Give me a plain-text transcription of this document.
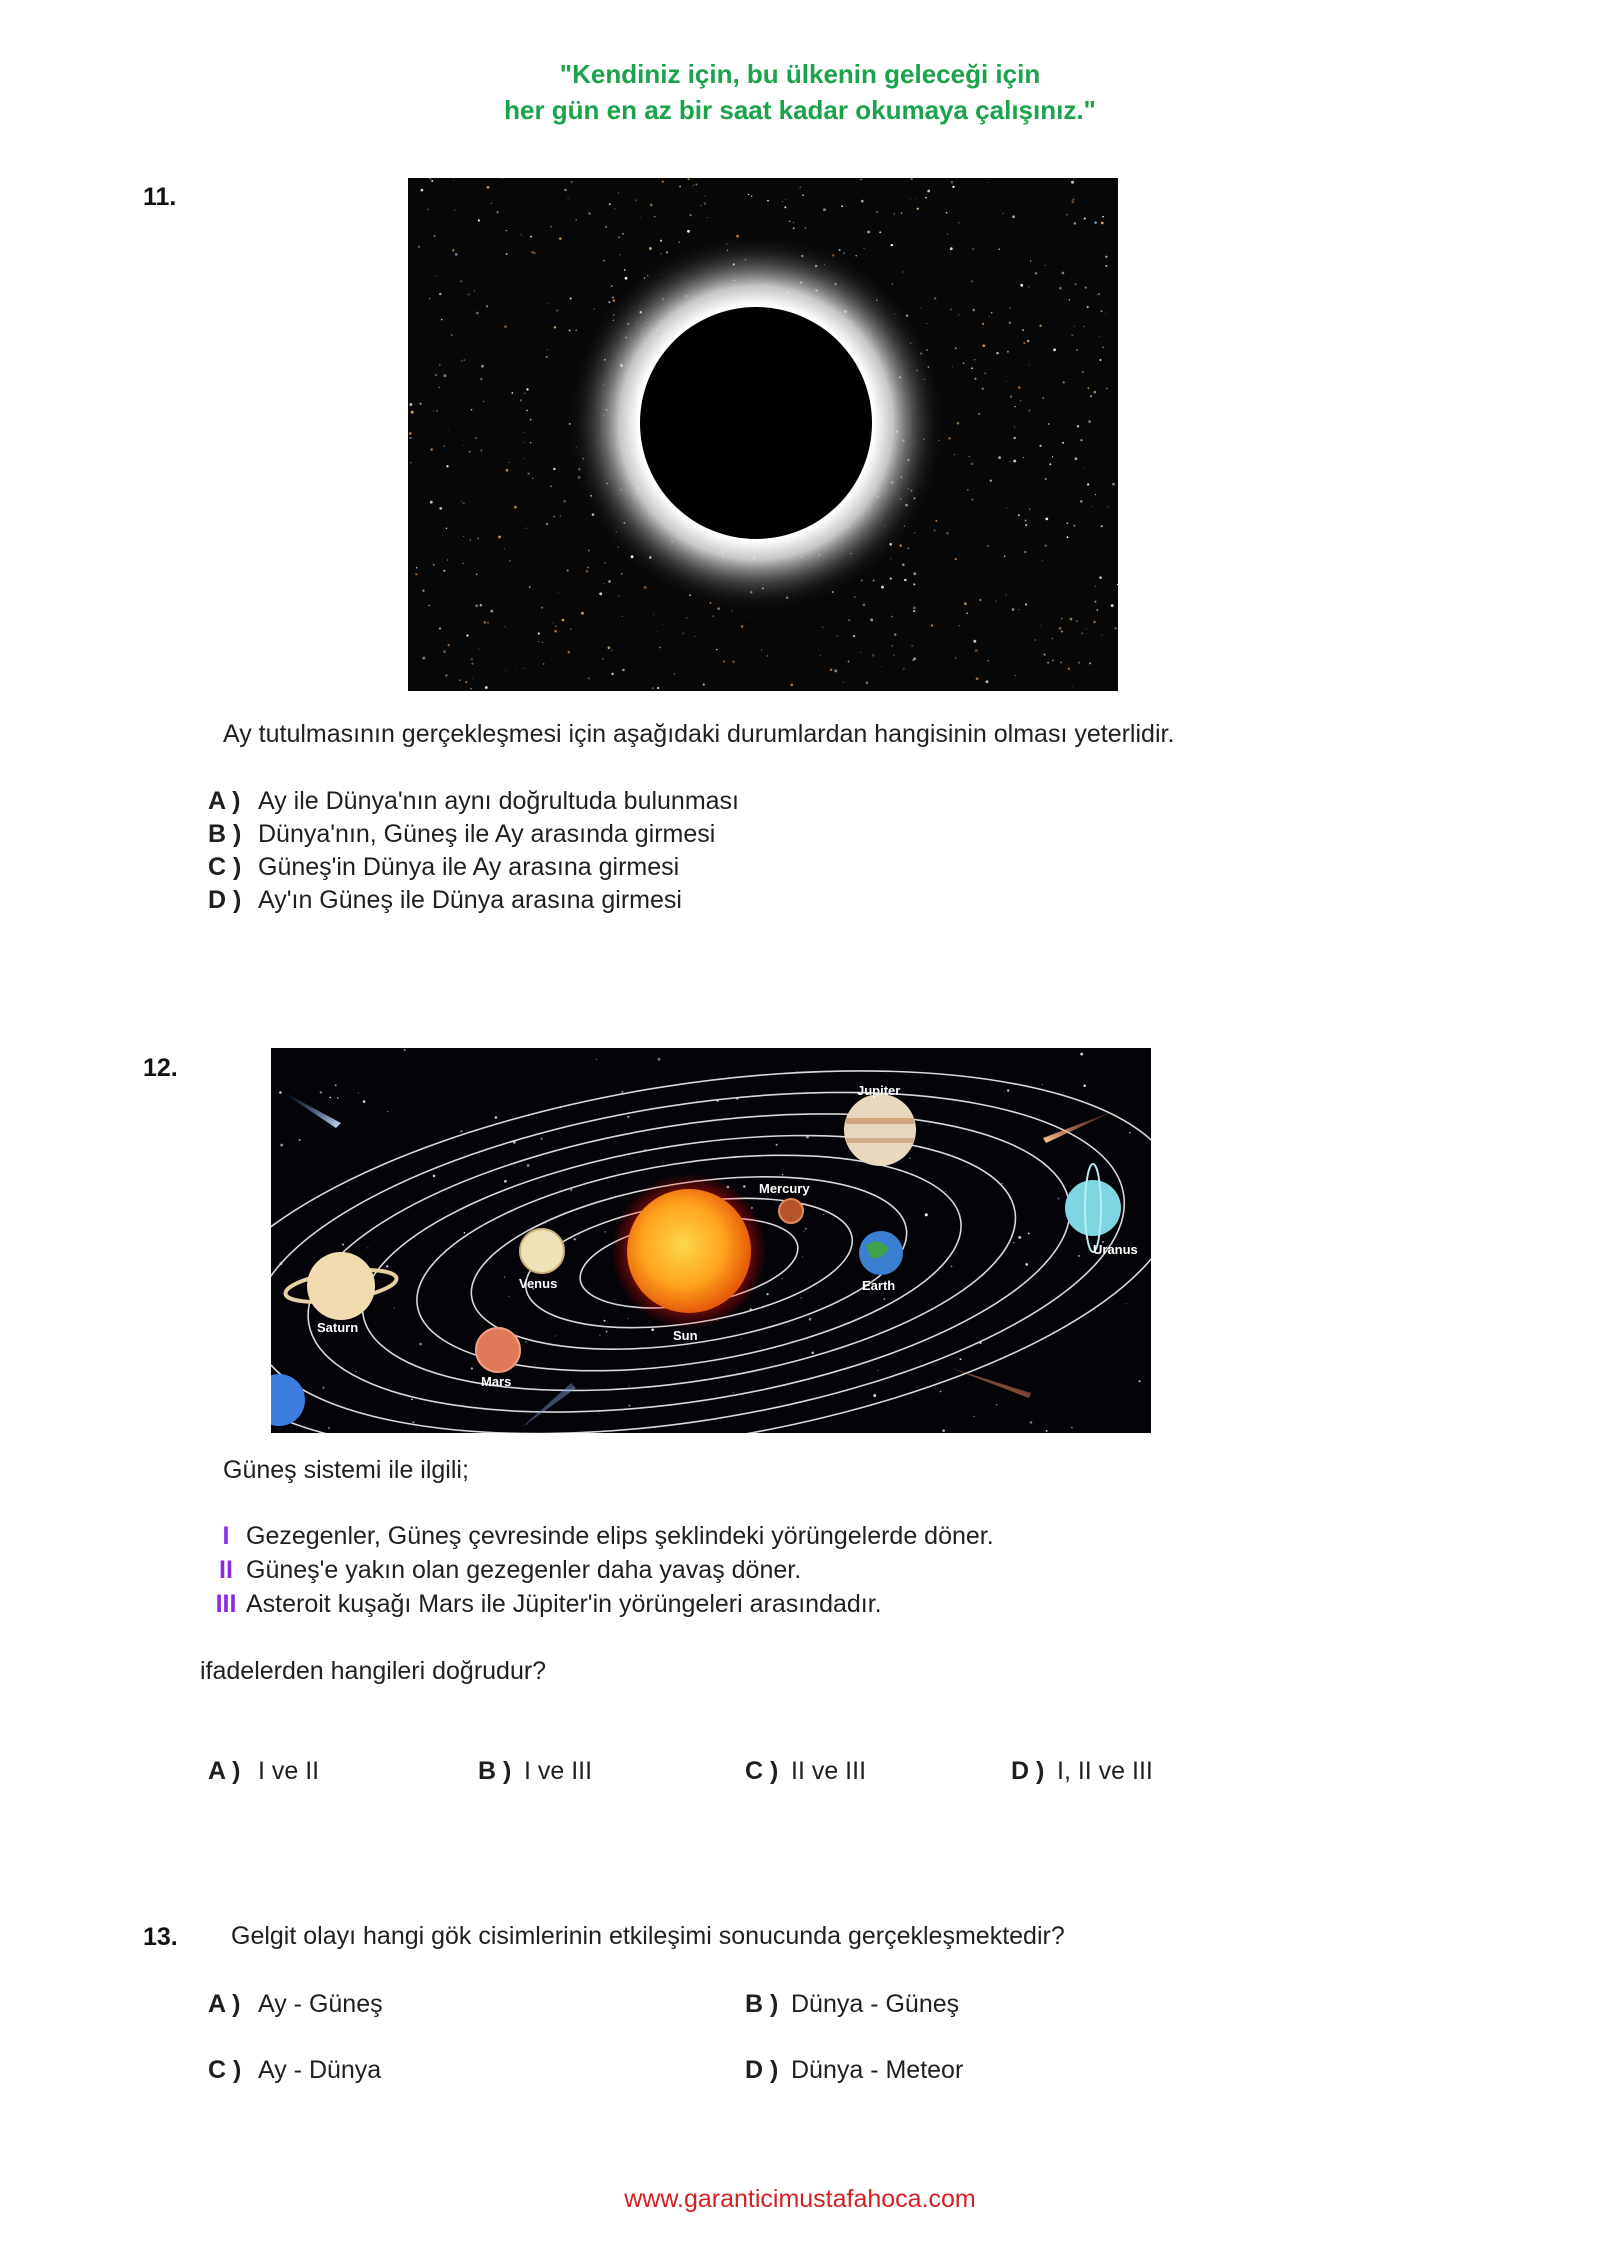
"Kendiniz için, bu ülkenin geleceği için
her gün en az bir saat kadar okumaya çalışınız."
11.
Ay tutulmasının gerçekleşmesi için aşağıdaki durumlardan hangisinin olması yeterlidir.
A ) Ay ile Dünya'nın aynı doğrultuda bulunması
B ) Dünya'nın, Güneş ile Ay arasında girmesi
C ) Güneş'in Dünya ile Ay arasına girmesi
D ) Ay'ın Güneş ile Dünya arasına girmesi
12.
Jupiter
Mercury
Venus	Earth
Uranus
Saturn
Sun
Mars
Güneş sistemi ile ilgili;
I Gezegenler, Güneş çevresinde elips şeklindeki yörüngelerde döner.
II Güneş'e yakın olan gezegenler daha yavaş döner.
III Asteroit kuşağı Mars ile Jüpiter'in yörüngeleri arasındadır.
ifadelerden hangileri doğrudur?
A ) I ve II	B ) I ve III	C ) II ve III	D ) I, II ve III
13. Gelgit olayı hangi gök cisimlerinin etkileşimi sonucunda gerçekleşmektedir?
A ) Ay - Güneş	B ) Dünya - Güneş
C ) Ay - Dünya	D ) Dünya - Meteor
www.garanticimustafahoca.com
